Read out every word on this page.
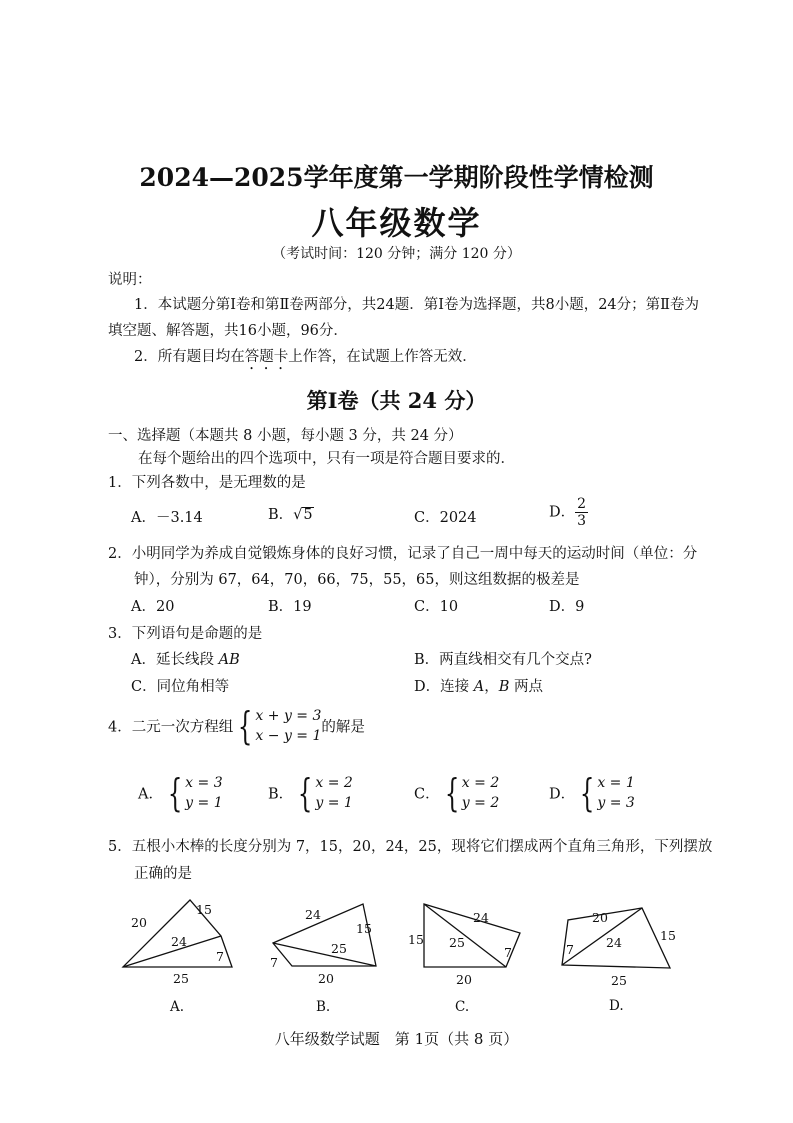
2024—2025学年度第一学期阶段性学情检测
八年级数学
（考试时间：120 分钟；满分 120 分）
说明：
1．本试题分第Ⅰ卷和第Ⅱ卷两部分，共24题．第Ⅰ卷为选择题，共8小题，24分；第Ⅱ卷为
填空题、解答题，共16小题，96分．
2．所有题目均在答题卡上作答，在试题上作答无效．
第Ⅰ卷（共 24 分）
一、选择题（本题共 8 小题，每小题 3 分，共 24 分）
在每个题给出的四个选项中，只有一项是符合题目要求的．
1．下列各数中，是无理数的是
A．－3.14	B． √ 5	C．2024	D． $\frac{2}{3}$
2．小明同学为养成自觉锻炼身体的良好习惯，记录了自己一周中每天的运动时间（单位：分
钟），分别为 67，64，70，66，75，55，65，则这组数据的极差是
A．20	B．19	C．10	D．9
3．下列语句是命题的是
A．延长线段 AB	B．两直线相交有几个交点?
C．同位角相等	D．连接 A，B 两点
4．二元一次方程组 { x + y = 3
x − y = 1
的解是
A． { x = 3
y = 1
B． { x = 2
y = 1
C． { x = 2
y = 2
D． { x = 1
y = 3
5．五根小木棒的长度分别为 7，15，20，24，25，现将它们摆成两个直角三角形，下列摆放
正确的是
20
15
24
7
25
A.
24
15
25
7
20
B.
24
15 25
7
20
C.
20
15
24
7
25
D.
八年级数学试题　第 1页（共 8 页）
